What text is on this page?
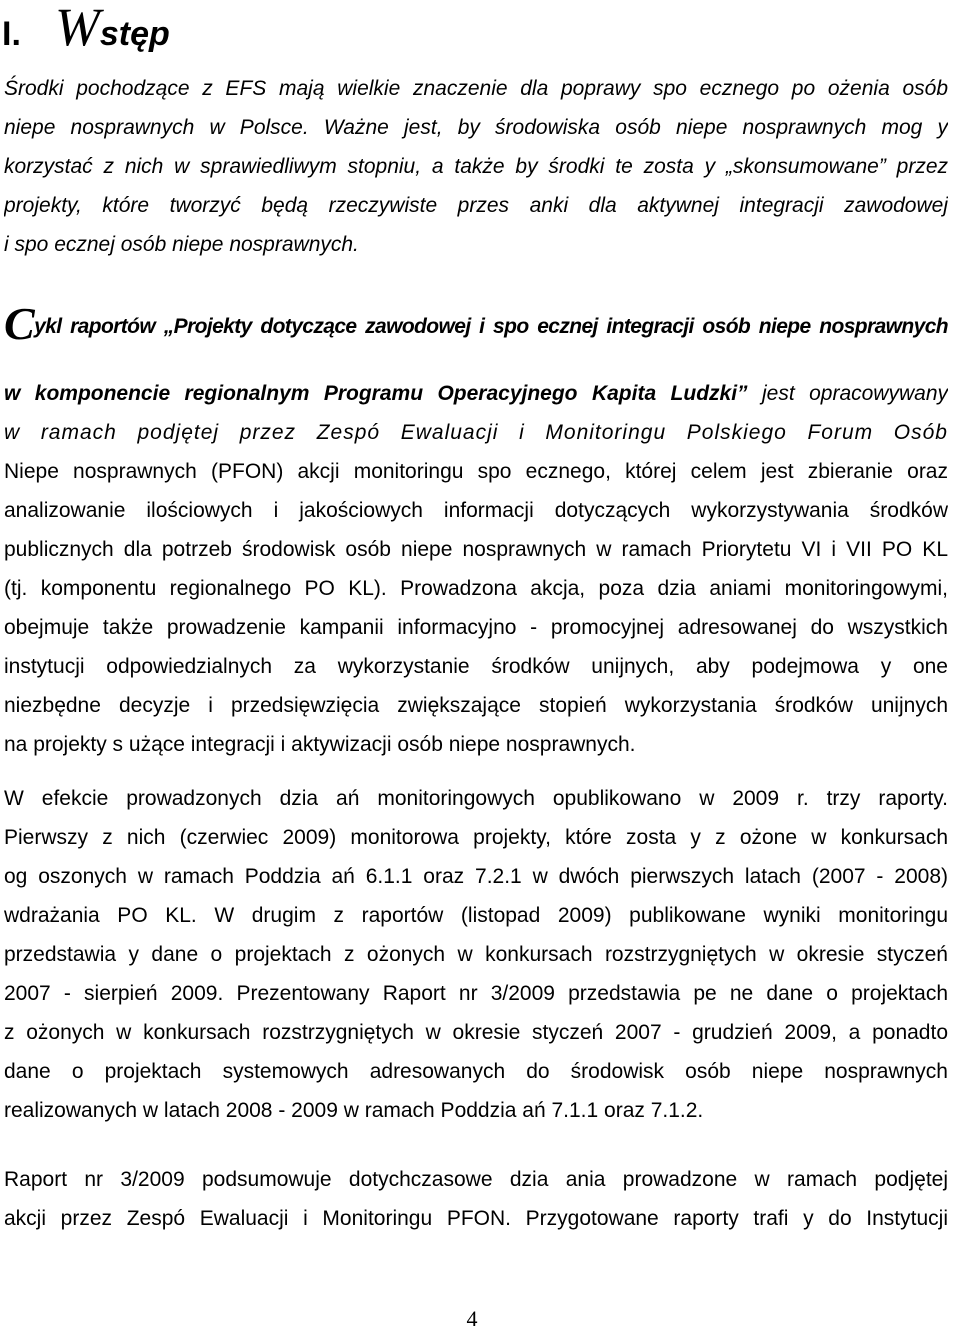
I. Wstęp
Środki pochodzące z EFS mają wielkie znaczenie dla poprawy spo ecznego po ożenia osób
niepe nosprawnych w Polsce. Ważne jest, by środowiska osób niepe nosprawnych mog y
korzystać z nich w sprawiedliwym stopniu, a także by środki te zosta y „skonsumowane” przez
projekty, które tworzyć będą rzeczywiste przes anki dla aktywnej integracji zawodowej
i spo ecznej osób niepe nosprawnych.
Cykl raportów „Projekty dotyczące zawodowej i spo ecznej integracji osób niepe nosprawnych
w komponencie regionalnym Programu Operacyjnego Kapita Ludzki” jest opracowywany
w ramach podjętej przez Zespó Ewaluacji i Monitoringu Polskiego Forum Osób
Niepe nosprawnych (PFON) akcji monitoringu spo ecznego, której celem jest zbieranie oraz
analizowanie ilościowych i jakościowych informacji dotyczących wykorzystywania środków
publicznych dla potrzeb środowisk osób niepe nosprawnych w ramach Priorytetu VI i VII PO KL
(tj. komponentu regionalnego PO KL). Prowadzona akcja, poza dzia aniami monitoringowymi,
obejmuje także prowadzenie kampanii informacyjno - promocyjnej adresowanej do wszystkich
instytucji odpowiedzialnych za wykorzystanie środków unijnych, aby podejmowa y one
niezbędne decyzje i przedsięwzięcia zwiększające stopień wykorzystania środków unijnych
na projekty s użące integracji i aktywizacji osób niepe nosprawnych.
W efekcie prowadzonych dzia ań monitoringowych opublikowano w 2009 r. trzy raporty.
Pierwszy z nich (czerwiec 2009) monitorowa projekty, które zosta y z ożone w konkursach
og oszonych w ramach Poddzia ań 6.1.1 oraz 7.2.1 w dwóch pierwszych latach (2007 - 2008)
wdrażania PO KL. W drugim z raportów (listopad 2009) publikowane wyniki monitoringu
przedstawia y dane o projektach z ożonych w konkursach rozstrzygniętych w okresie styczeń
2007 - sierpień 2009. Prezentowany Raport nr 3/2009 przedstawia pe ne dane o projektach
z ożonych w konkursach rozstrzygniętych w okresie styczeń 2007 - grudzień 2009, a ponadto
dane o projektach systemowych adresowanych do środowisk osób niepe nosprawnych
realizowanych w latach 2008 - 2009 w ramach Poddzia ań 7.1.1 oraz 7.1.2.
Raport nr 3/2009 podsumowuje dotychczasowe dzia ania prowadzone w ramach podjętej
akcji przez Zespó Ewaluacji i Monitoringu PFON. Przygotowane raporty trafi y do Instytucji
4
